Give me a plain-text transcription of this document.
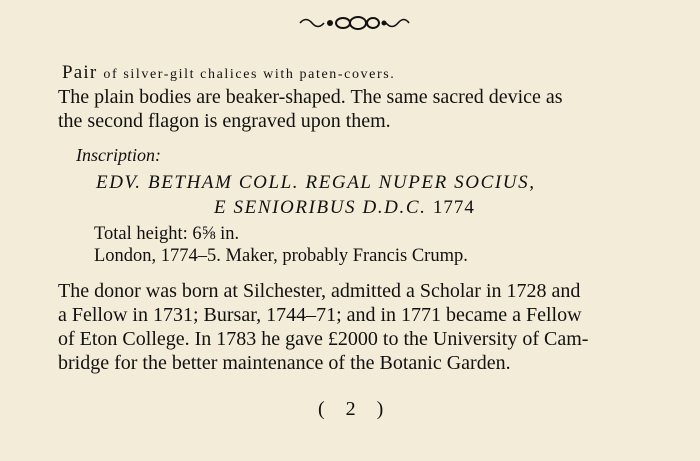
Pair of silver-gilt chalices with paten-covers.
The plain bodies are beaker-shaped. The same sacred device as
the second flagon is engraved upon them.
Inscription:
EDV. BETHAM COLL. REGAL NUPER SOCIUS,
E SENIORIBUS D.D.C. 1774
Total height: 6⅝ in.
London, 1774–5. Maker, probably Francis Crump.
The donor was born at Silchester, admitted a Scholar in 1728 and
a Fellow in 1731; Bursar, 1744–71; and in 1771 became a Fellow
of Eton College. In 1783 he gave £2000 to the University of Cam-
bridge for the better maintenance of the Botanic Garden.
( 2 )
